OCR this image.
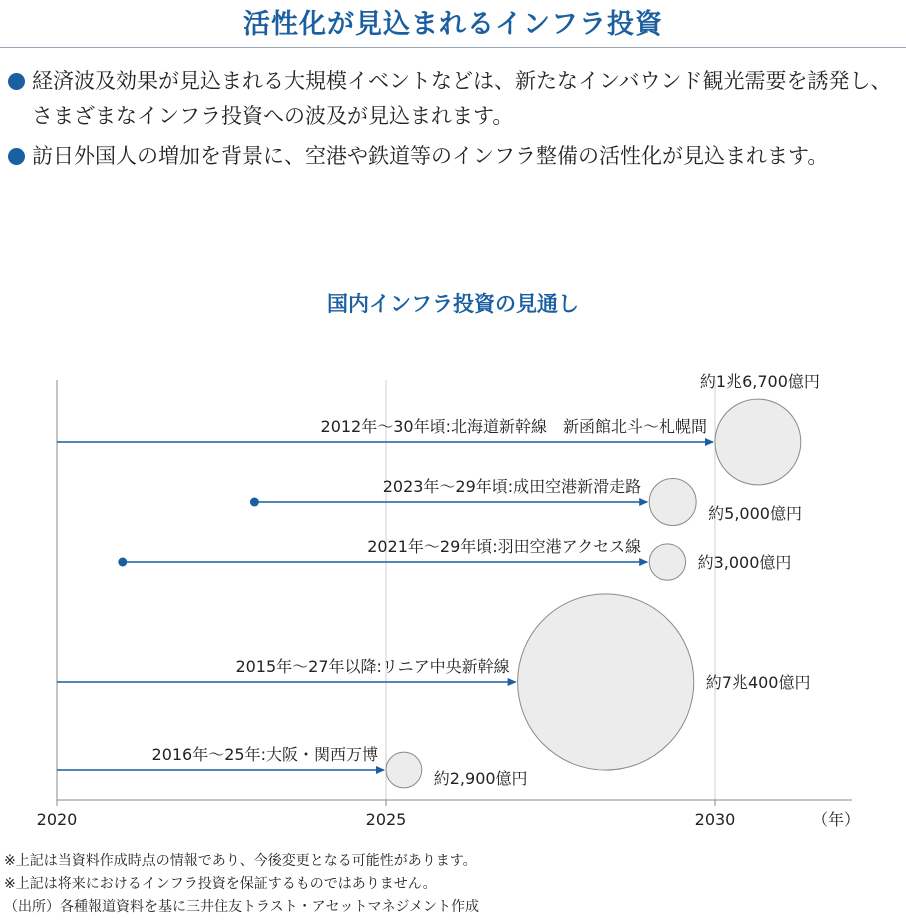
活性化が見込まれるインフラ投資
経済波及効果が見込まれる大規模イベントなどは、新たなインバウンド観光需要を誘発し、さまざまなインフラ投資への波及が見込まれます。
訪日外国人の増加を背景に、空港や鉄道等のインフラ整備の活性化が見込まれます。
国内インフラ投資の見通し
2020	2025	2030	（年）
2012年～30年頃:北海道新幹線　新函館北斗～札幌間
約1兆6,700億円
2023年～29年頃:成田空港新滑走路
約5,000億円
2021年～29年頃:羽田空港アクセス線
約3,000億円
2015年～27年以降:リニア中央新幹線
約7兆400億円
2016年～25年:大阪・関西万博
約2,900億円
※上記は当資料作成時点の情報であり、今後変更となる可能性があります。
※上記は将来におけるインフラ投資を保証するものではありません。
（出所）各種報道資料を基に三井住友トラスト・アセットマネジメント作成
